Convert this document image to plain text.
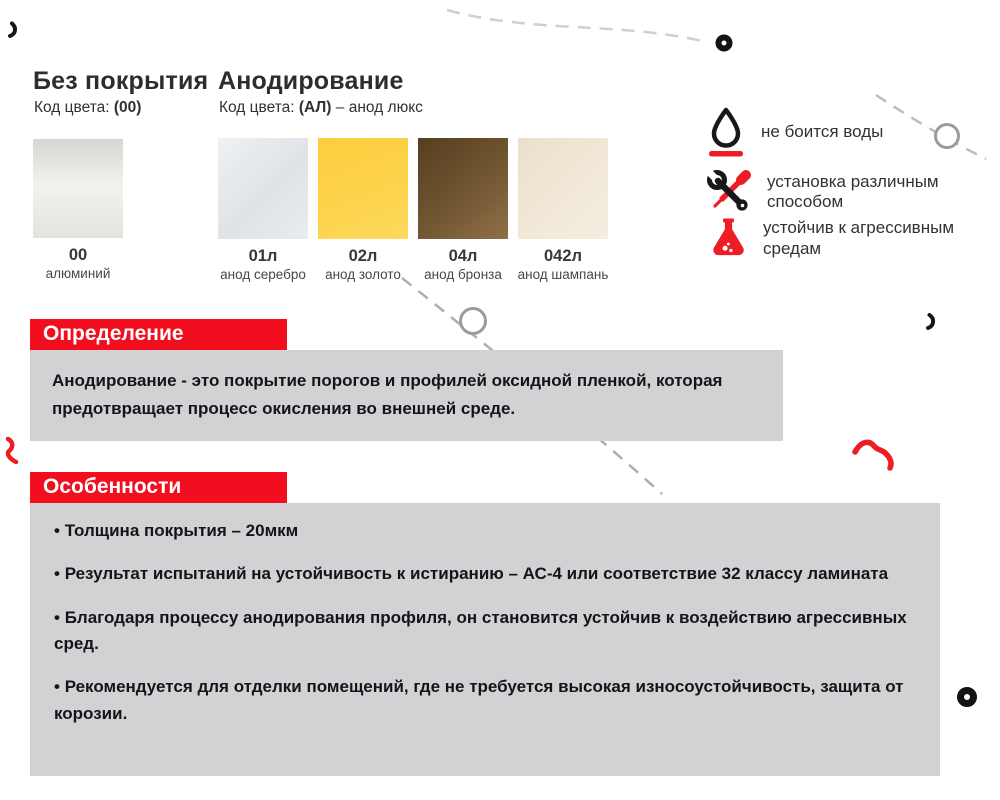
Без покрытия
Код цвета: (00)
00
алюминий
Анодирование
Код цвета: (АЛ) – анод люкс
01л
анод серебро
02л
анод золото
04л
анод бронза
042л
анод шампань
не боится воды
установка различным способом
устойчив к агрессивным средам
Определение

Анодирование - это покрытие порогов и профилей оксидной пленкой, которая предотвращает процесс окисления во внешней среде.

Особенности
• Толщина покрытия – 20мкм
• Результат испытаний на устойчивость к истиранию – АС-4 или соответствие 32 классу ламината
• Благодаря процессу анодирования профиля, он становится устойчив к воздействию агрессивных сред.
• Рекомендуется для отделки помещений, где не требуется высокая износоустойчивость, защита от корозии.
